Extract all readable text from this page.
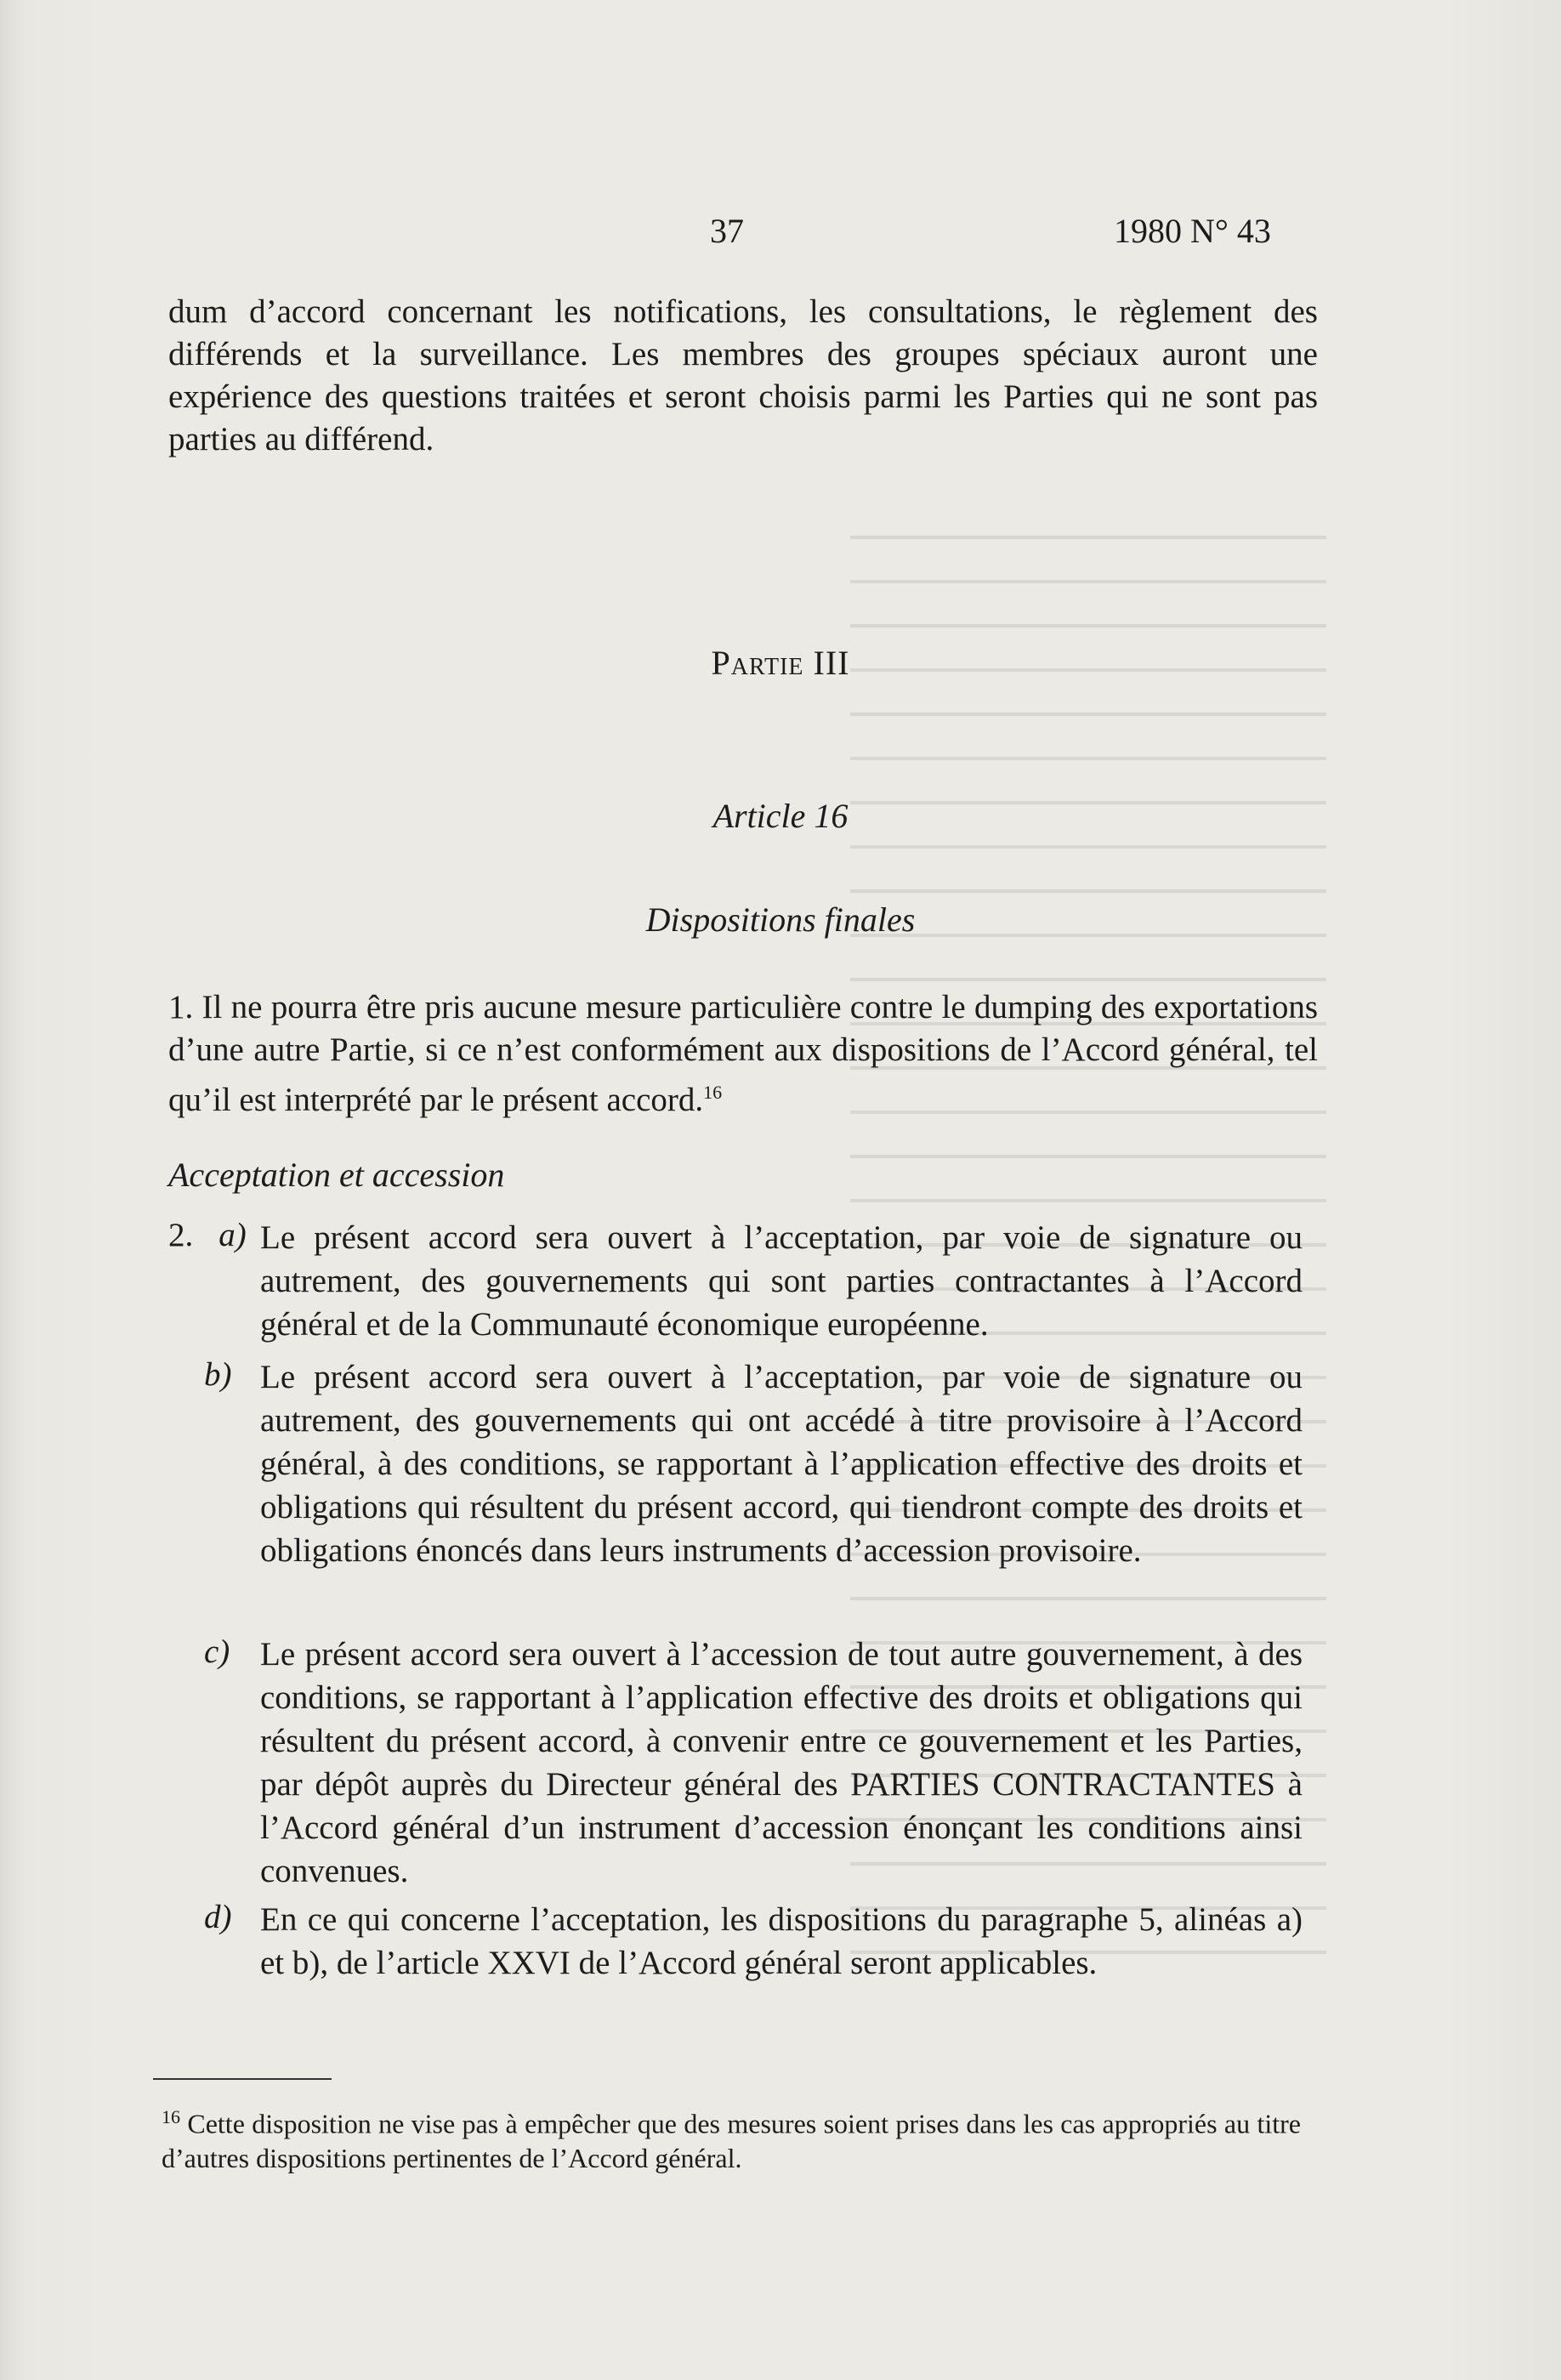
37	1980 N° 43
dum d’accord concernant les notifications, les consultations, le règlement des différends et la surveillance. Les membres des groupes spéciaux auront une expérience des questions traitées et seront choisis parmi les Parties qui ne sont pas parties au différend.
Partie III
Article 16
Dispositions finales
1. Il ne pourra être pris aucune mesure particulière contre le dumping des exportations d’une autre Partie, si ce n’est conformément aux dispositions de l’Accord général, tel qu’il est interprété par le présent accord.$^{16}$
Acceptation et accession
2. a) Le présent accord sera ouvert à l’acceptation, par voie de signature ou autrement, des gouvernements qui sont parties contractantes à l’Accord général et de la Communauté économique européenne.
b) Le présent accord sera ouvert à l’acceptation, par voie de signature ou autrement, des gouvernements qui ont accédé à titre provisoire à l’Accord général, à des conditions, se rapportant à l’application effective des droits et obligations qui résultent du présent accord, qui tiendront compte des droits et obligations énoncés dans leurs instruments d’accession provisoire.
c) Le présent accord sera ouvert à l’accession de tout autre gouvernement, à des conditions, se rapportant à l’application effective des droits et obligations qui résultent du présent accord, à convenir entre ce gouvernement et les Parties, par dépôt auprès du Directeur général des PARTIES CONTRACTANTES à l’Accord général d’un instrument d’accession énonçant les conditions ainsi convenues.
d) En ce qui concerne l’acceptation, les dispositions du paragraphe 5, alinéas a) et b), de l’article XXVI de l’Accord général seront applicables.
$^{16}$ Cette disposition ne vise pas à empêcher que des mesures soient prises dans les cas appropriés au titre d’autres dispositions pertinentes de l’Accord général.
